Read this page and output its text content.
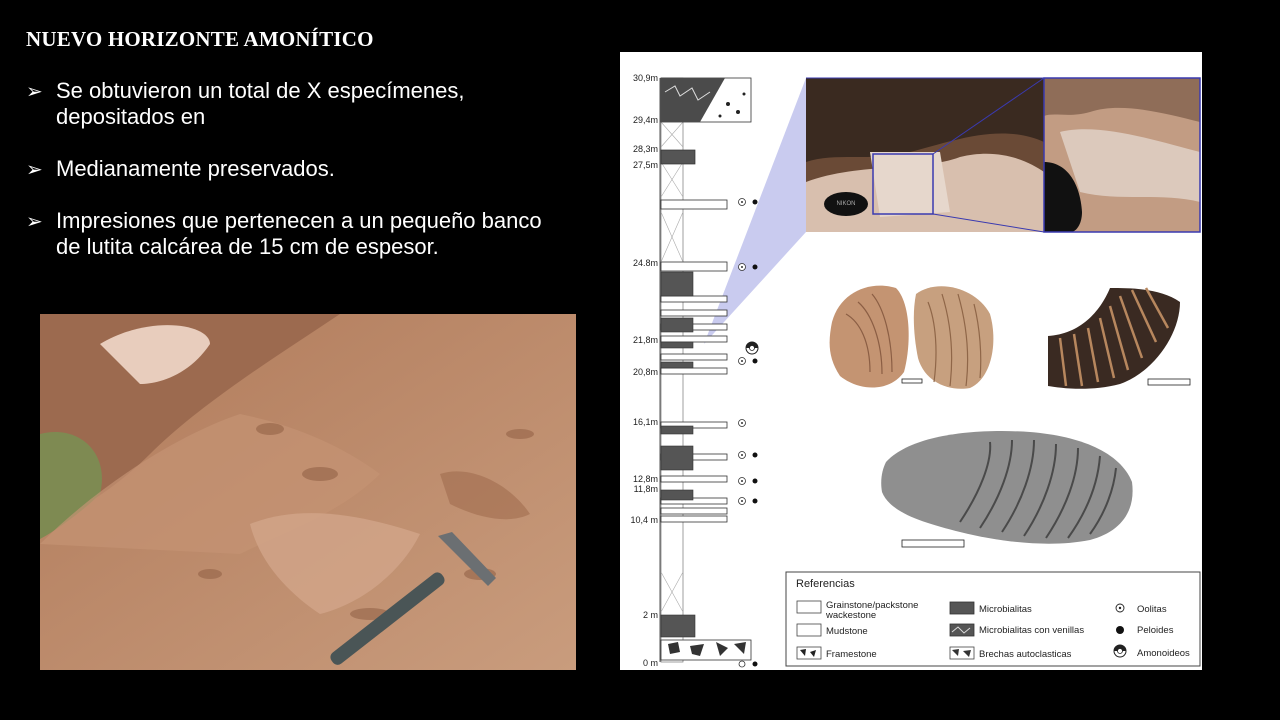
NUEVO HORIZONTE AMONÍTICO
➢ Se obtuvieron un total de X especímenes, depositados en
➢ Medianamente preservados.
➢ Impresiones que pertenecen a un pequeño banco de lutita calcárea de 15 cm de espesor.
30,9m
29,4m
28,3m
27,5m
24.8m
21,8m
20,8m
16,1m
12,8m
11,8m
10,4 m
2 m
0 m
NIKON
Referencias
Grainstone/packstone wackestone
Mudstone
Framestone
Microbialitas
Microbialitas con venillas
Brechas autoclasticas
Oolitas
Peloides
Amonoideos
